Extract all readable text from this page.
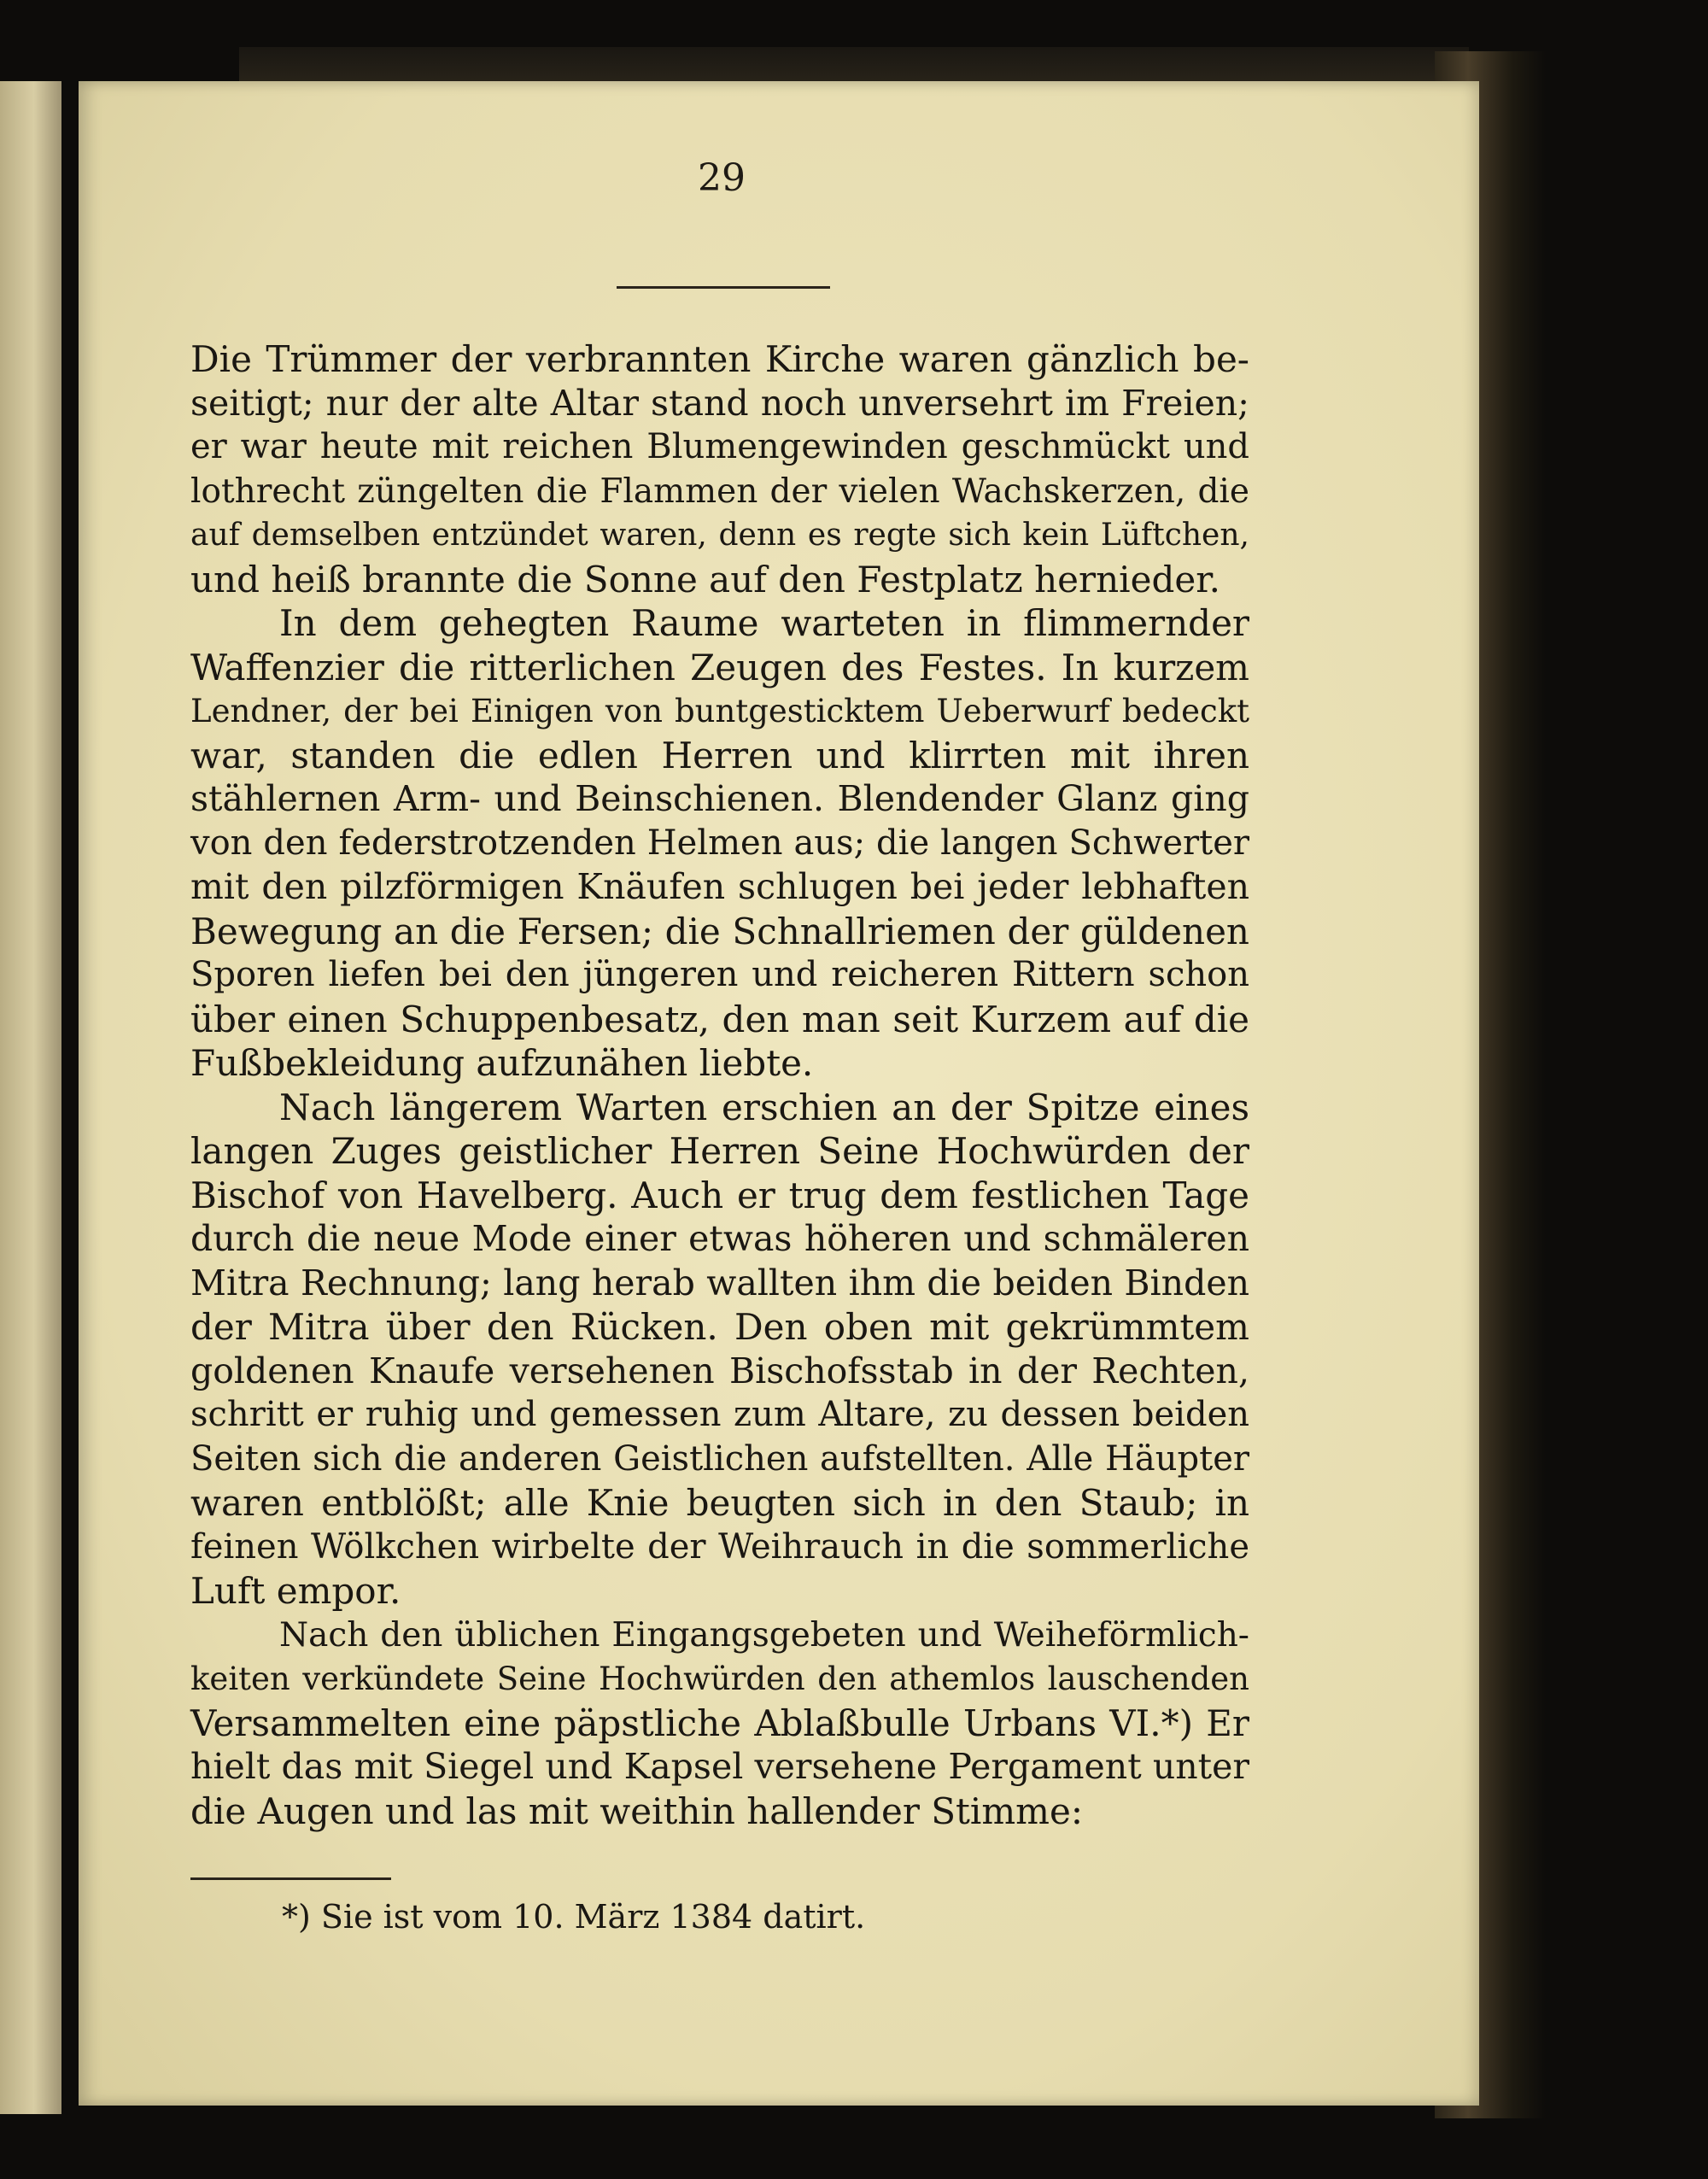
29
Die Trümmer der verbrannten Kirche waren gänzlich be-
seitigt; nur der alte Altar stand noch unversehrt im Freien;
er war heute mit reichen Blumengewinden geschmückt und
lothrecht züngelten die Flammen der vielen Wachskerzen, die
auf demselben entzündet waren, denn es regte sich kein Lüftchen,
und heiß brannte die Sonne auf den Festplatz hernieder.
In dem gehegten Raume warteten in flimmernder
Waffenzier die ritterlichen Zeugen des Festes. In kurzem
Lendner, der bei Einigen von buntgesticktem Ueberwurf bedeckt
war, standen die edlen Herren und klirrten mit ihren
stählernen Arm- und Beinschienen. Blendender Glanz ging
von den federstrotzenden Helmen aus; die langen Schwerter
mit den pilzförmigen Knäufen schlugen bei jeder lebhaften
Bewegung an die Fersen; die Schnallriemen der güldenen
Sporen liefen bei den jüngeren und reicheren Rittern schon
über einen Schuppenbesatz, den man seit Kurzem auf die
Fußbekleidung aufzunähen liebte.
Nach längerem Warten erschien an der Spitze eines
langen Zuges geistlicher Herren Seine Hochwürden der
Bischof von Havelberg. Auch er trug dem festlichen Tage
durch die neue Mode einer etwas höheren und schmäleren
Mitra Rechnung; lang herab wallten ihm die beiden Binden
der Mitra über den Rücken. Den oben mit gekrümmtem
goldenen Knaufe versehenen Bischofsstab in der Rechten,
schritt er ruhig und gemessen zum Altare, zu dessen beiden
Seiten sich die anderen Geistlichen aufstellten. Alle Häupter
waren entblößt; alle Knie beugten sich in den Staub; in
feinen Wölkchen wirbelte der Weihrauch in die sommerliche
Luft empor.
Nach den üblichen Eingangsgebeten und Weiheförmlich-
keiten verkündete Seine Hochwürden den athemlos lauschenden
Versammelten eine päpstliche Ablaßbulle Urbans VI.*) Er
hielt das mit Siegel und Kapsel versehene Pergament unter
die Augen und las mit weithin hallender Stimme:
*) Sie ist vom 10. März 1384 datirt.
